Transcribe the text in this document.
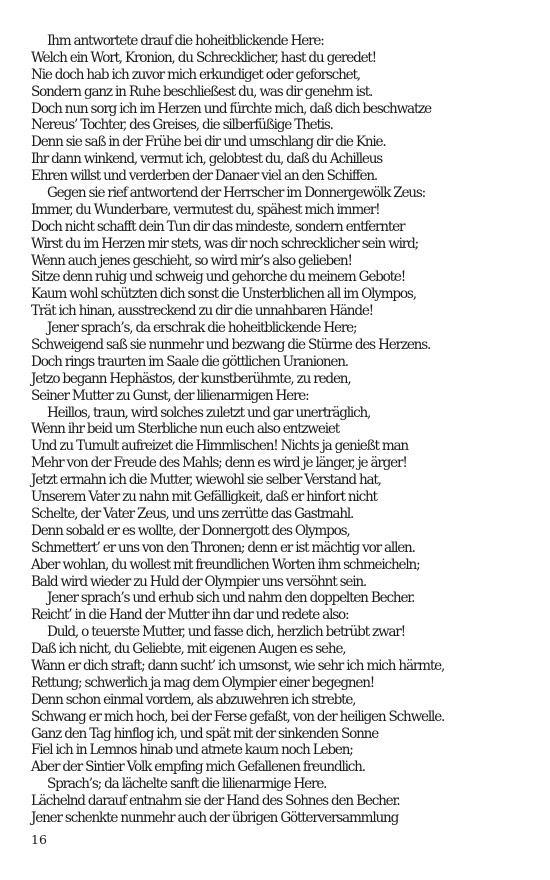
Ihm antwortete drauf die hoheitblickende Here:
Welch ein Wort, Kronion, du Schrecklicher, hast du geredet!
Nie doch hab ich zuvor mich erkundiget oder geforschet,
Sondern ganz in Ruhe beschließest du, was dir genehm ist.
Doch nun sorg ich im Herzen und fürchte mich, daß dich beschwatze
Nereus’ Tochter, des Greises, die silberfüßige Thetis.
Denn sie saß in der Frühe bei dir und umschlang dir die Knie.
Ihr dann winkend, vermut ich, gelobtest du, daß du Achilleus
Ehren willst und verderben der Danaer viel an den Schiffen.
Gegen sie rief antwortend der Herrscher im Donnergewölk Zeus:
Immer, du Wunderbare, vermutest du, spähest mich immer!
Doch nicht schafft dein Tun dir das mindeste, sondern entfernter
Wirst du im Herzen mir stets, was dir noch schrecklicher sein wird;
Wenn auch jenes geschieht, so wird mir’s also gelieben!
Sitze denn ruhig und schweig und gehorche du meinem Gebote!
Kaum wohl schützten dich sonst die Unsterblichen all im Olympos,
Trät ich hinan, ausstreckend zu dir die unnahbaren Hände!
Jener sprach’s, da erschrak die hoheitblickende Here;
Schweigend saß sie nunmehr und bezwang die Stürme des Herzens.
Doch rings traurten im Saale die göttlichen Uranionen.
Jetzo begann Hephästos, der kunstberühmte, zu reden,
Seiner Mutter zu Gunst, der lilienarmigen Here:
Heillos, traun, wird solches zuletzt und gar unerträglich,
Wenn ihr beid um Sterbliche nun euch also entzweiet
Und zu Tumult aufreizet die Himmlischen! Nichts ja genießt man
Mehr von der Freude des Mahls; denn es wird je länger, je ärger!
Jetzt ermahn ich die Mutter, wiewohl sie selber Verstand hat,
Unserem Vater zu nahn mit Gefälligkeit, daß er hinfort nicht
Schelte, der Vater Zeus, und uns zerrütte das Gastmahl.
Denn sobald er es wollte, der Donnergott des Olympos,
Schmettert’ er uns von den Thronen; denn er ist mächtig vor allen.
Aber wohlan, du wollest mit freundlichen Worten ihm schmeicheln;
Bald wird wieder zu Huld der Olympier uns versöhnt sein.
Jener sprach’s und erhub sich und nahm den doppelten Becher.
Reicht’ in die Hand der Mutter ihn dar und redete also:
Duld, o teuerste Mutter, und fasse dich, herzlich betrübt zwar!
Daß ich nicht, du Geliebte, mit eigenen Augen es sehe,
Wann er dich straft; dann sucht’ ich umsonst, wie sehr ich mich härmte,
Rettung; schwerlich ja mag dem Olympier einer begegnen!
Denn schon einmal vordem, als abzuwehren ich strebte,
Schwang er mich hoch, bei der Ferse gefaßt, von der heiligen Schwelle.
Ganz den Tag hinflog ich, und spät mit der sinkenden Sonne
Fiel ich in Lemnos hinab und atmete kaum noch Leben;
Aber der Sintier Volk empfing mich Gefallenen freundlich.
Sprach’s; da lächelte sanft die lilienarmige Here.
Lächelnd darauf entnahm sie der Hand des Sohnes den Becher.
Jener schenkte nunmehr auch der übrigen Götterversammlung
16
